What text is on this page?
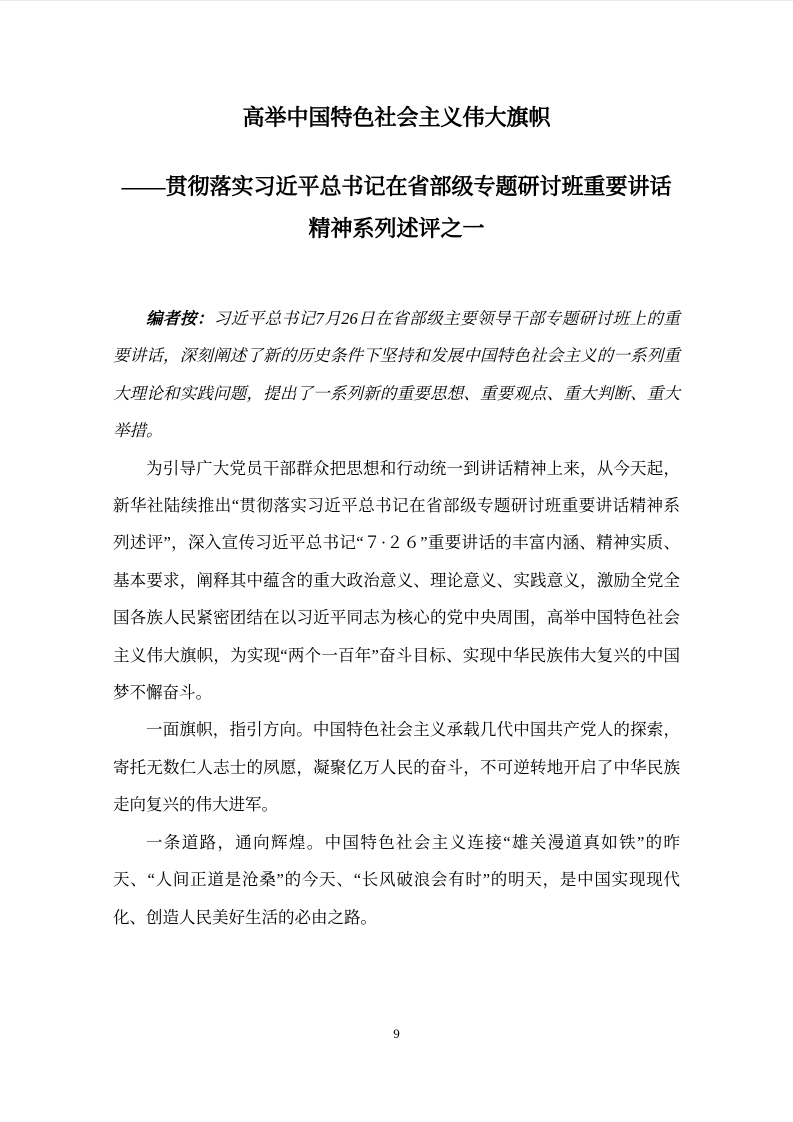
高举中国特色社会主义伟大旗帜
——贯彻落实习近平总书记在省部级专题研讨班重要讲话
精神系列述评之一

编者按：习近平总书记7月26日在省部级主要领导干部专题研讨班上的重要讲话，深刻阐述了新的历史条件下坚持和发展中国特色社会主义的一系列重大理论和实践问题，提出了一系列新的重要思想、重要观点、重大判断、重大举措。

为引导广大党员干部群众把思想和行动统一到讲话精神上来，从今天起，新华社陆续推出“贯彻落实习近平总书记在省部级专题研讨班重要讲话精神系列述评”，深入宣传习近平总书记“７·２６”重要讲话的丰富内涵、精神实质、基本要求，阐释其中蕴含的重大政治意义、理论意义、实践意义，激励全党全国各族人民紧密团结在以习近平同志为核心的党中央周围，高举中国特色社会主义伟大旗帜，为实现“两个一百年”奋斗目标、实现中华民族伟大复兴的中国梦不懈奋斗。

一面旗帜，指引方向。中国特色社会主义承载几代中国共产党人的探索，寄托无数仁人志士的夙愿，凝聚亿万人民的奋斗，不可逆转地开启了中华民族走向复兴的伟大进军。

一条道路，通向辉煌。中国特色社会主义连接“雄关漫道真如铁”的昨天、“人间正道是沧桑”的今天、“长风破浪会有时”的明天，是中国实现现代化、创造人民美好生活的必由之路。

9
